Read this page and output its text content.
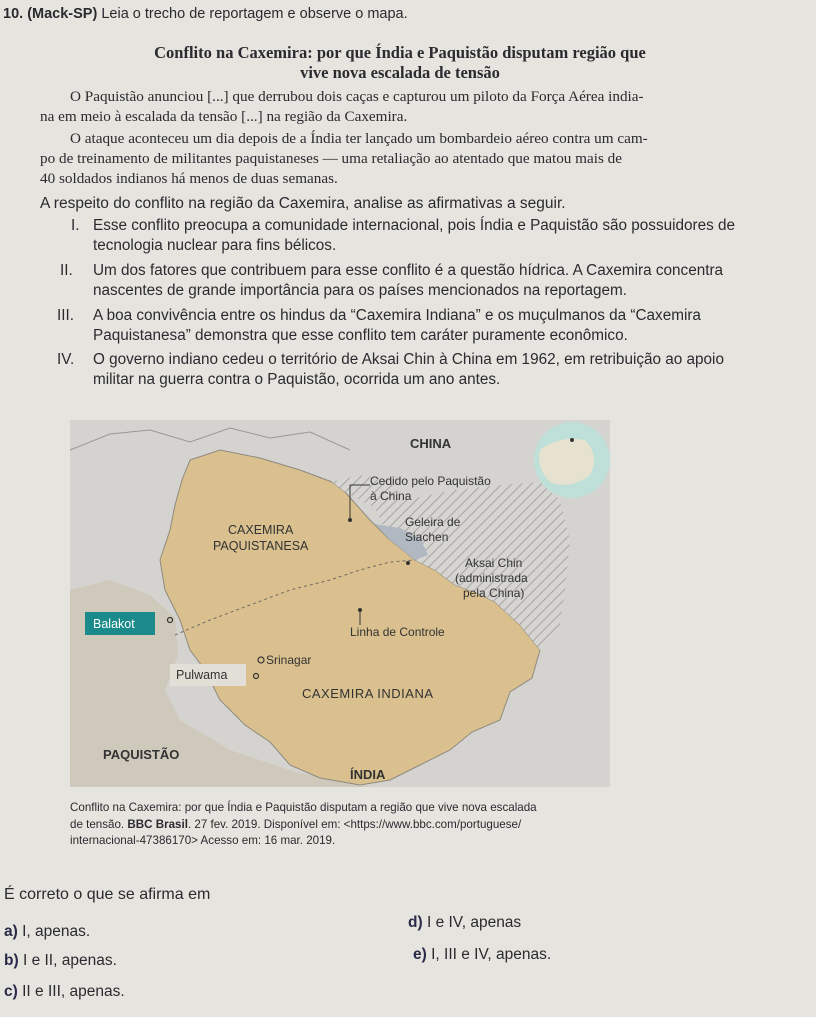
10. (Mack-SP) Leia o trecho de reportagem e observe o mapa.
Conflito na Caxemira: por que Índia e Paquistão disputam região que
vive nova escalada de tensão
O Paquistão anunciou [...] que derrubou dois caças e capturou um piloto da Força Aérea india-
na em meio à escalada da tensão [...] na região da Caxemira.
O ataque aconteceu um dia depois de a Índia ter lançado um bombardeio aéreo contra um cam-
po de treinamento de militantes paquistaneses — uma retaliação ao atentado que matou mais de
40 soldados indianos há menos de duas semanas.
A respeito do conflito na região da Caxemira, analise as afirmativas a seguir.
I. Esse conflito preocupa a comunidade internacional, pois Índia e Paquistão são possuidores de
tecnologia nuclear para fins bélicos.
II.	Um dos fatores que contribuem para esse conflito é a questão hídrica. A Caxemira concentra
nascentes de grande importância para os países mencionados na reportagem.
III.	A boa convivência entre os hindus da “Caxemira Indiana” e os muçulmanos da “Caxemira
Paquistanesa” demonstra que esse conflito tem caráter puramente econômico.
IV.	O governo indiano cedeu o território de Aksai Chin à China em 1962, em retribuição ao apoio
militar na guerra contra o Paquistão, ocorrida um ano antes.
CHINA
Cedido pelo Paquistão
à China
Geleira de
Siachen
CAXEMIRA
PAQUISTANESA
Aksai Chin
(administrada
pela China)
Balakot
Linha de Controle
Srinagar
Pulwama
CAXEMIRA INDIANA
PAQUISTÃO
ÍNDIA
Conflito na Caxemira: por que Índia e Paquistão disputam a região que vive nova escalada
de tensão. BBC Brasil. 27 fev. 2019. Disponível em: <https://www.bbc.com/portuguese/
internacional-47386170> Acesso em: 16 mar. 2019.
É correto o que se afirma em
a) I, apenas.
b) I e II, apenas.
c) II e III, apenas.
d) I e IV, apenas
e) I, III e IV, apenas.
